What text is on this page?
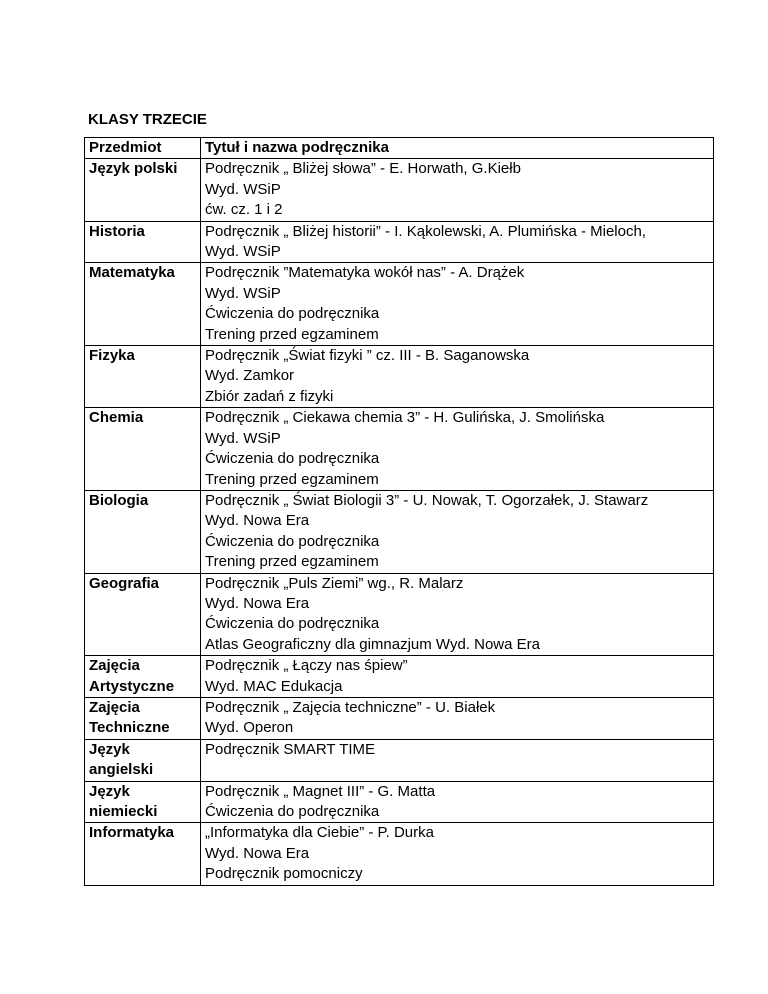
KLASY TRZECIE
Przedmiot	Tytuł i nazwa podręcznika

Język polski	Podręcznik „ Bliżej słowa” - E. Horwath, G.Kiełb
Wyd. WSiP
ćw. cz. 1 i 2

Historia	Podręcznik „ Bliżej historii” - I. Kąkolewski, A. Plumińska - Mieloch,
Wyd. WSiP

Matematyka	Podręcznik ”Matematyka wokół nas” - A. Drążek
Wyd. WSiP
Ćwiczenia do podręcznika
Trening przed egzaminem

Fizyka	Podręcznik „Świat fizyki ” cz. III - B. Saganowska
Wyd. Zamkor
Zbiór zadań z fizyki

Chemia	Podręcznik „ Ciekawa chemia 3” - H. Gulińska, J. Smolińska
Wyd. WSiP
Ćwiczenia do podręcznika
Trening przed egzaminem

Biologia	Podręcznik „ Świat Biologii 3” - U. Nowak, T. Ogorzałek, J. Stawarz
Wyd. Nowa Era
Ćwiczenia do podręcznika
Trening przed egzaminem

Geografia	Podręcznik „Puls Ziemi” wg., R. Malarz
Wyd. Nowa Era
Ćwiczenia do podręcznika
Atlas Geograficzny dla gimnazjum Wyd. Nowa Era

Zajęcia
Artystyczne	Podręcznik „ Łączy nas śpiew”
Wyd. MAC Edukacja

Zajęcia
Techniczne	Podręcznik „ Zajęcia techniczne” - U. Białek
Wyd. Operon

Język
angielski	Podręcznik SMART TIME

Język
niemiecki	Podręcznik „ Magnet III” - G. Matta
Ćwiczenia do podręcznika

Informatyka	„Informatyka dla Ciebie” - P. Durka
Wyd. Nowa Era
Podręcznik pomocniczy
